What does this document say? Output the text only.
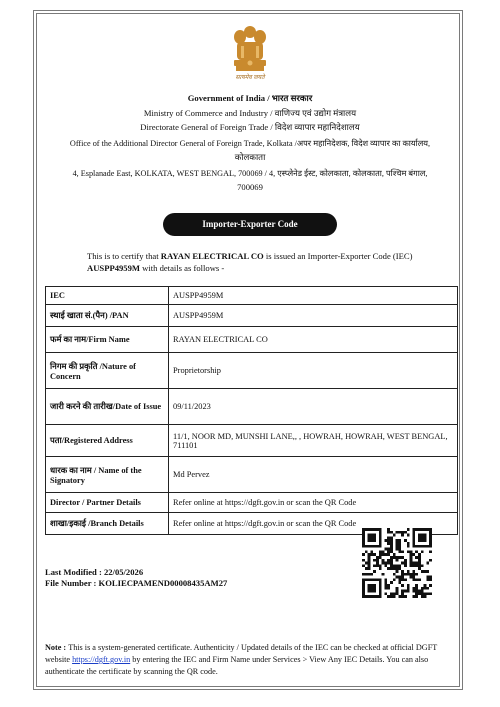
सत्यमेव जयते
Government of India / भारत सरकार
Ministry of Commerce and Industry / वाणिज्य एवं उद्योग मंत्रालय
Directorate General of Foreign Trade / विदेश व्यापार महानिदेशालय
Office of the Additional Director General of Foreign Trade, Kolkata /अपर महानिदेशक, विदेश व्यापार का कार्यालय,
कोलकाता
4, Esplanade East, KOLKATA, WEST BENGAL, 700069 / 4, एस्प्लेनेड ईस्ट, कोलकाता, कोलकाता, पश्चिम बंगाल,
700069
Importer-Exporter Code
This is to certify that RAYAN ELECTRICAL CO is issued an Importer-Exporter Code (IEC) AUSPP4959M with details as follows -
IEC	AUSPP4959M
स्थाई खाता सं.(पैन) /PAN	AUSPP4959M
फर्म का नाम/Firm Name	RAYAN ELECTRICAL CO
निगम की प्रकृति /Nature of Concern	Proprietorship
जारी करने की तारीख/Date of Issue	09/11/2023
पता/Registered Address	11/1, NOOR MD, MUNSHI LANE,, , HOWRAH, HOWRAH, WEST BENGAL, 711101
धारक का नाम / Name of the Signatory	Md Pervez
Director / Partner Details	Refer online at https://dgft.gov.in or scan the QR Code
शाखा/इकाई /Branch Details	Refer online at https://dgft.gov.in or scan the QR Code
Last Modified : 22/05/2026
File Number : KOLIECPAMEND00008435AM27
Note : This is a system-generated certificate. Authenticity / Updated details of the IEC can be checked at official DGFT website https://dgft.gov.in by entering the IEC and Firm Name under Services > View Any IEC Details. You can also authenticate the certificate by scanning the QR code.
